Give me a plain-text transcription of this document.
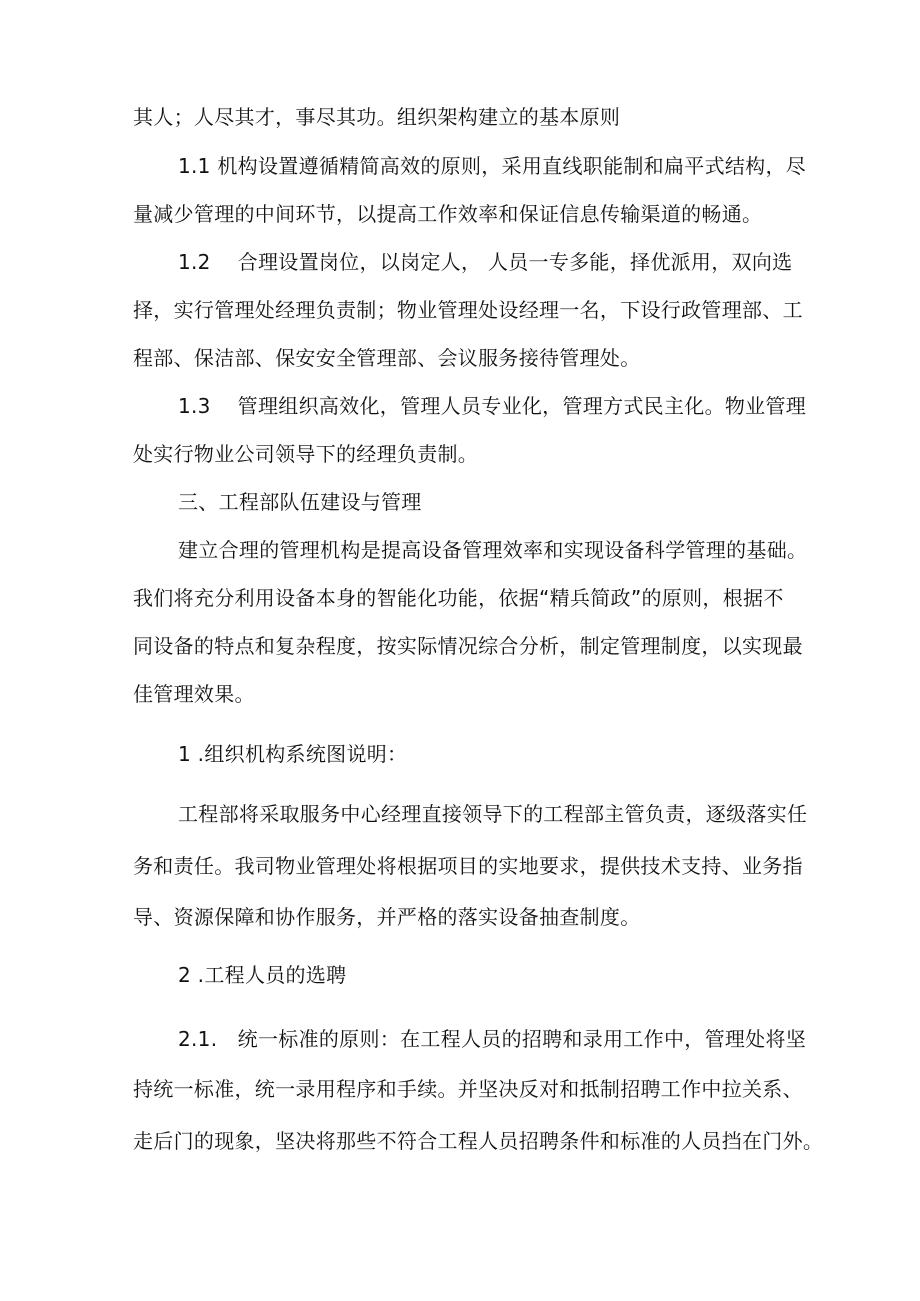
其人；人尽其才，事尽其功。组织架构建立的基本原则
1.1 机构设置遵循精简高效的原则，采用直线职能制和扁平式结构，尽
量减少管理的中间环节，以提高工作效率和保证信息传输渠道的畅通。
1.2　 合理设置岗位，以岗定人， 人员一专多能，择优派用，双向选
择，实行管理处经理负责制；物业管理处设经理一名，下设行政管理部、工
程部、保洁部、保安安全管理部、会议服务接待管理处。
1.3　 管理组织高效化，管理人员专业化，管理方式民主化。物业管理
处实行物业公司领导下的经理负责制。
三、工程部队伍建设与管理
建立合理的管理机构是提高设备管理效率和实现设备科学管理的基础。
我们将充分利用设备本身的智能化功能，依据“精兵简政”的原则，根据不
同设备的特点和复杂程度，按实际情况综合分析，制定管理制度，以实现最
佳管理效果。
1 .组织机构系统图说明：
工程部将采取服务中心经理直接领导下的工程部主管负责，逐级落实任
务和责任。我司物业管理处将根据项目的实地要求，提供技术支持、业务指
导、资源保障和协作服务，并严格的落实设备抽查制度。
2 .工程人员的选聘
2.1.　统一标准的原则：在工程人员的招聘和录用工作中，管理处将坚
持统一标准，统一录用程序和手续。并坚决反对和抵制招聘工作中拉关系、
走后门的现象，坚决将那些不符合工程人员招聘条件和标准的人员挡在门外。
